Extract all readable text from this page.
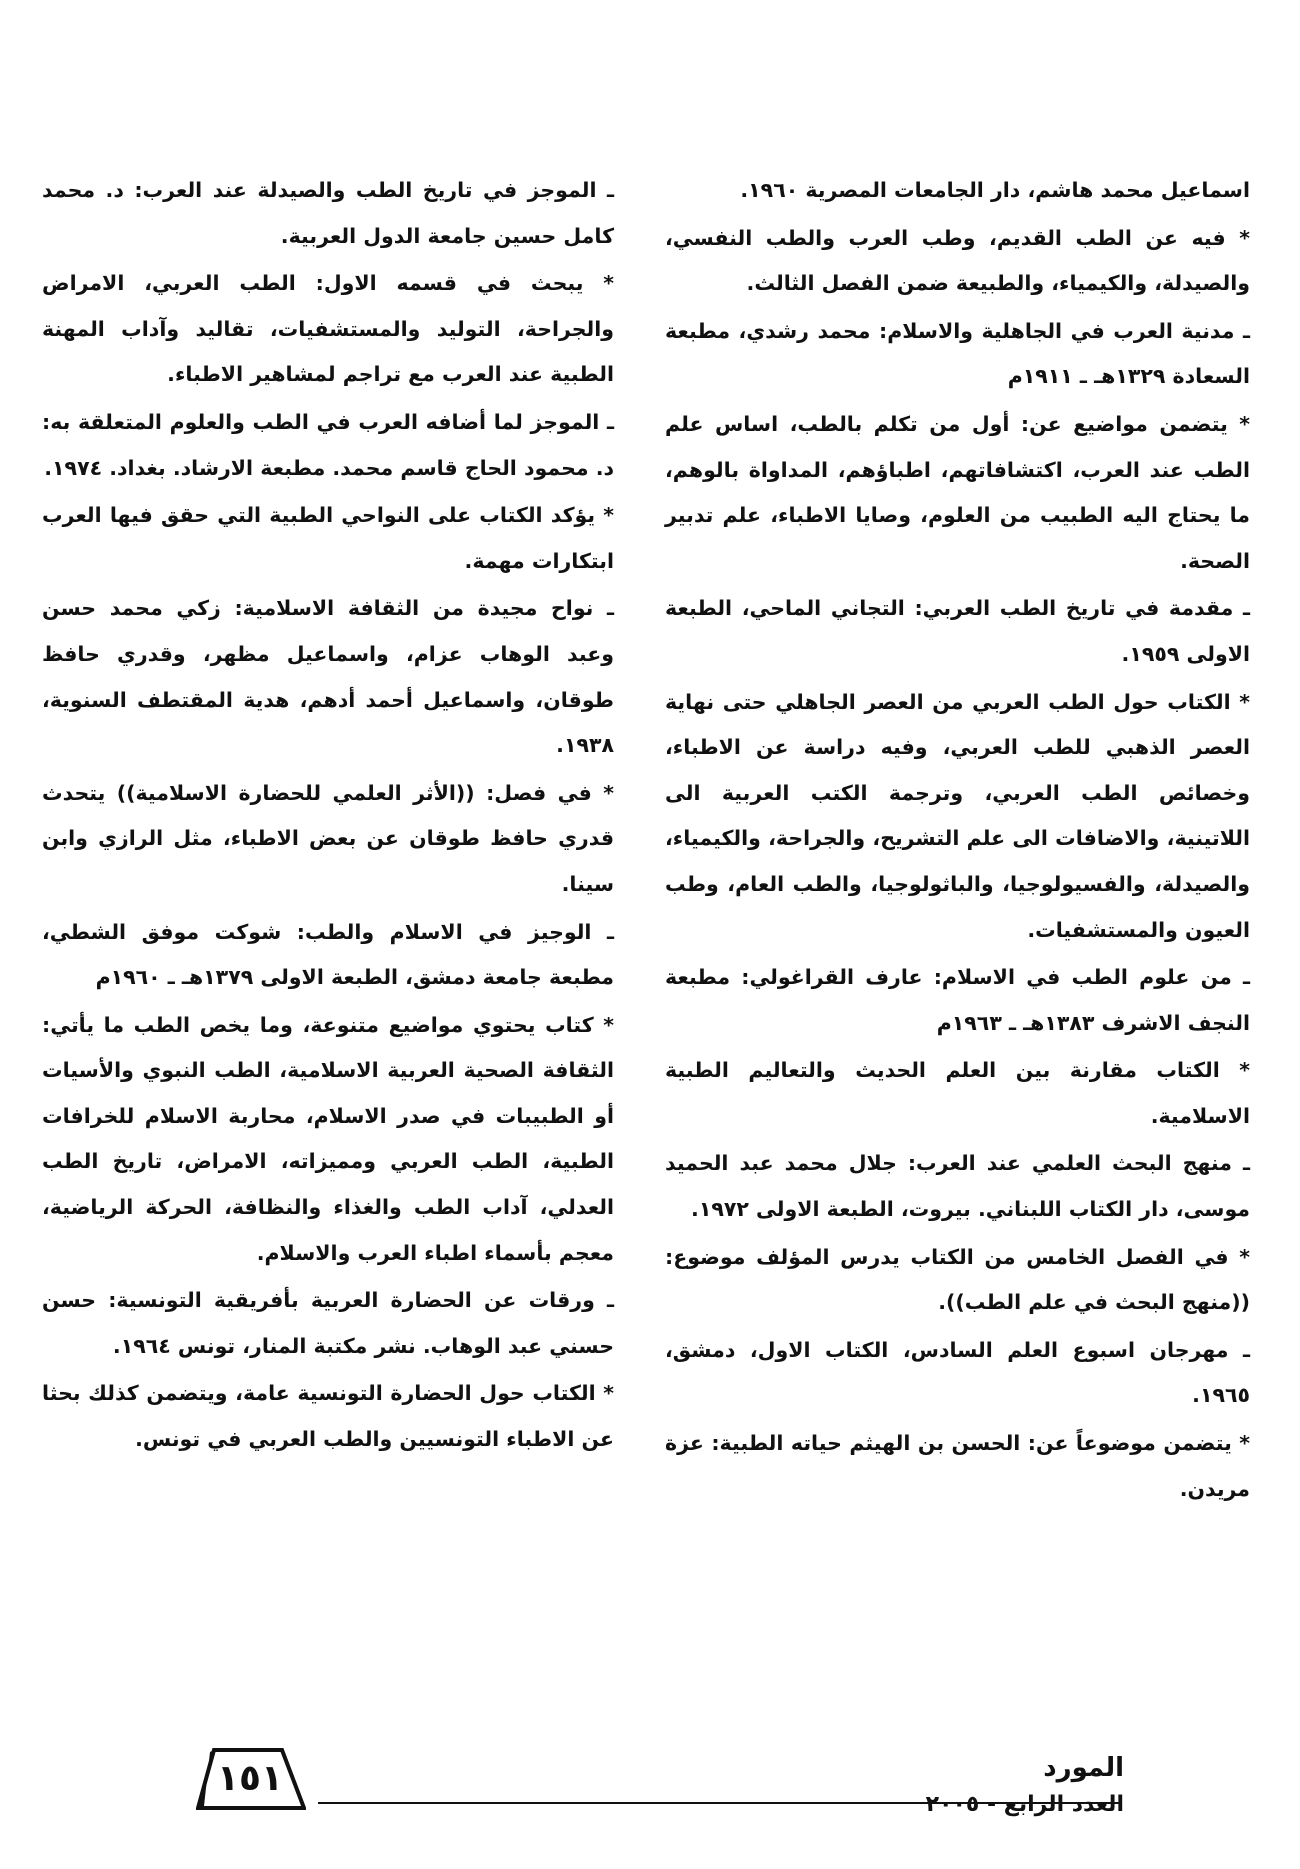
اسماعيل محمد هاشم، دار الجامعات المصرية ١٩٦٠.

* فيه عن الطب القديم، وطب العرب والطب النفسي، والصيدلة، والكيمياء، والطبيعة ضمن الفصل الثالث.

ـ مدنية العرب في الجاهلية والاسلام: محمد رشدي، مطبعة السعادة ١٣٢٩هـ ـ ١٩١١م

* يتضمن مواضيع عن: أول من تكلم بالطب، اساس علم الطب عند العرب، اكتشافاتهم، اطباؤهم، المداواة بالوهم، ما يحتاج اليه الطبيب من العلوم، وصايا الاطباء، علم تدبير الصحة.

ـ مقدمة في تاريخ الطب العربي: التجاني الماحي، الطبعة الاولى ١٩٥٩.

* الكتاب حول الطب العربي من العصر الجاهلي حتى نهاية العصر الذهبي للطب العربي، وفيه دراسة عن الاطباء، وخصائص الطب العربي، وترجمة الكتب العربية الى اللاتينية، والاضافات الى علم التشريح، والجراحة، والكيمياء، والصيدلة، والفسيولوجيا، والباثولوجيا، والطب العام، وطب العيون والمستشفيات.

ـ من علوم الطب في الاسلام: عارف القراغولي: مطبعة النجف الاشرف ١٣٨٣هـ ـ ١٩٦٣م

* الكتاب مقارنة بين العلم الحديث والتعاليم الطبية الاسلامية.

ـ منهج البحث العلمي عند العرب: جلال محمد عبد الحميد موسى، دار الكتاب اللبناني. بيروت، الطبعة الاولى ١٩٧٢.

* في الفصل الخامس من الكتاب يدرس المؤلف موضوع: ((منهج البحث في علم الطب)).

ـ مهرجان اسبوع العلم السادس، الكتاب الاول، دمشق، ١٩٦٥.

* يتضمن موضوعاً عن: الحسن بن الهيثم حياته الطبية: عزة مريدن.

ـ الموجز في تاريخ الطب والصيدلة عند العرب: د. محمد كامل حسين جامعة الدول العربية.

* يبحث في قسمه الاول: الطب العربي، الامراض والجراحة، التوليد والمستشفيات، تقاليد وآداب المهنة الطبية عند العرب مع تراجم لمشاهير الاطباء.

ـ الموجز لما أضافه العرب في الطب والعلوم المتعلقة به: د. محمود الحاج قاسم محمد. مطبعة الارشاد. بغداد. ١٩٧٤.

* يؤكد الكتاب على النواحي الطبية التي حقق فيها العرب ابتكارات مهمة.

ـ نواح مجيدة من الثقافة الاسلامية: زكي محمد حسن وعبد الوهاب عزام، واسماعيل مظهر، وقدري حافظ طوقان، واسماعيل أحمد أدهم، هدية المقتطف السنوية، ١٩٣٨.

* في فصل: ((الأثر العلمي للحضارة الاسلامية)) يتحدث قدري حافظ طوقان عن بعض الاطباء، مثل الرازي وابن سينا.

ـ الوجيز في الاسلام والطب: شوكت موفق الشطي، مطبعة جامعة دمشق، الطبعة الاولى ١٣٧٩هـ ـ ١٩٦٠م

* كتاب يحتوي مواضيع متنوعة، وما يخص الطب ما يأتي: الثقافة الصحية العربية الاسلامية، الطب النبوي والأسيات أو الطبيبات في صدر الاسلام، محاربة الاسلام للخرافات الطبية، الطب العربي ومميزاته، الامراض، تاريخ الطب العدلي، آداب الطب والغذاء والنظافة، الحركة الرياضية، معجم بأسماء اطباء العرب والاسلام.

ـ ورقات عن الحضارة العربية بأفريقية التونسية: حسن حسني عبد الوهاب. نشر مكتبة المنار، تونس ١٩٦٤.

* الكتاب حول الحضارة التونسية عامة، ويتضمن كذلك بحثا عن الاطباء التونسيين والطب العربي في تونس.

١٥١	المورد
العدد الرابع - ٢٠٠٥
